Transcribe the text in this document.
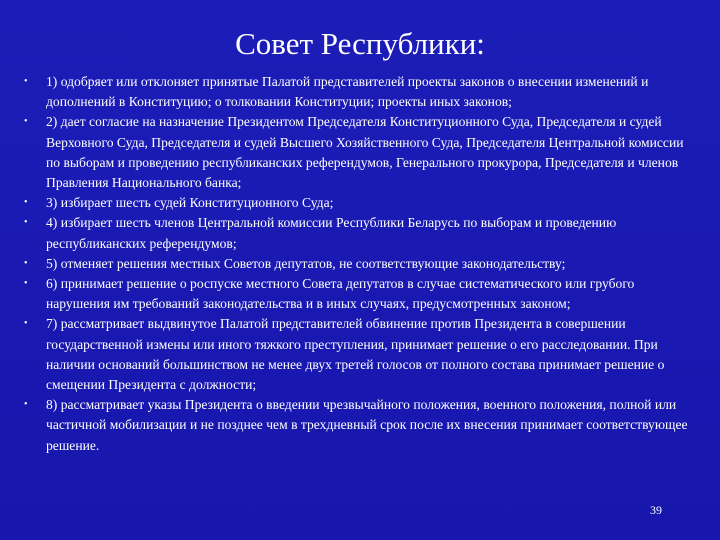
Совет Республики:
• 1) одобряет или отклоняет принятые Палатой представителей проекты законов о внесении изменений и дополнений в Конституцию; о толковании Конституции; проекты иных законов;
• 2) дает согласие на назначение Президентом Председателя Конституционного Суда, Председателя и судей Верховного Суда, Председателя и судей Высшего Хозяйственного Суда, Председателя Центральной комиссии по выборам и проведению республиканских референдумов, Генерального прокурора, Председателя и членов Правления Национального банка;
• 3) избирает шесть судей Конституционного Суда;
• 4) избирает шесть членов Центральной комиссии Республики Беларусь по выборам и проведению республиканских референдумов;
• 5) отменяет решения местных Советов депутатов, не соответствующие законодательству;
• 6) принимает решение о роспуске местного Совета депутатов в случае систематического или грубого нарушения им требований законодательства и в иных случаях, предусмотренных законом;
• 7) рассматривает выдвинутое Палатой представителей обвинение против Президента в совершении государственной измены или иного тяжкого преступления, принимает решение о его расследовании. При наличии оснований большинством не менее двух третей голосов от полного состава принимает решение о смещении Президента с должности;
• 8) рассматривает указы Президента о введении чрезвычайного положения, военного положения, полной или частичной мобилизации и не позднее чем в трехдневный срок после их внесения принимает соответствующее решение.
39
